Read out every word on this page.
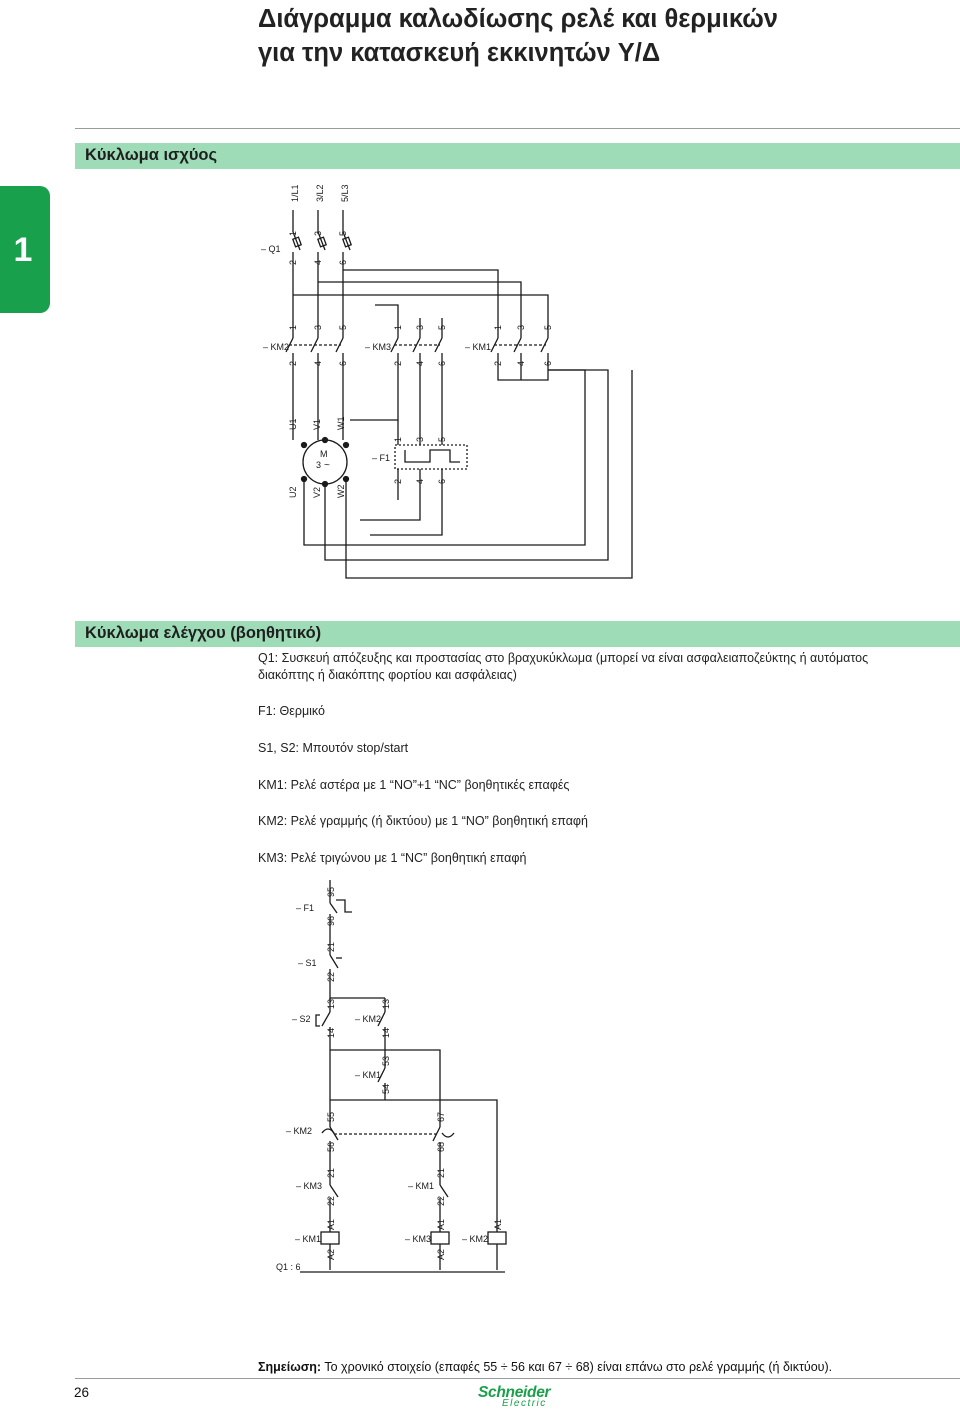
Διάγραμμα καλωδίωσης ρελέ και θερμικών
για την κατασκευή εκκινητών Y/Δ
Κύκλωμα ισχύος
1
1/L1 3/L2 5/L3
– Q1
– KM2	– KM3	– KM1
– F1
M
3 ~
U1 V1 W1
U2 V2 W2
1 3 5
2 4 6
1 3 5
2 4 6
1 3 5
2 4 6
1 3 5
2 4 6
1 3 5
2 4 6
Κύκλωμα ελέγχου (βοηθητικό)
Q1: Συσκευή απόζευξης και προστασίας στο βραχυκύκλωμα (μπορεί να είναι ασφαλειαποζεύκτης ή αυτόματος
διακόπτης ή διακόπτης φορτίου και ασφάλειας)
F1: Θερμικό
S1, S2: Μπουτόν stop/start
KM1: Ρελέ αστέρα με 1 “NO”+1 “NC” βοηθητικές επαφές
KM2: Ρελέ γραμμής (ή δικτύου) με 1 “NO” βοηθητική επαφή
KM3: Ρελέ τριγώνου με 1 “NC” βοηθητική επαφή
– F1
95
96
– S1
21
22
– S2
13
14
– KM2
13
14
– KM1
53
54
– KM2
55
56
67
68
– KM3
21
22
– KM1
21
22
– KM1
A1
A2
– KM3
A1
A2
– KM2
A1
Q1 : 6
Σημείωση: Το χρονικό στοιχείο (επαφές 55 ÷ 56 και 67 ÷ 68) είναι επάνω στο ρελέ γραμμής (ή δικτύου).
26	Schneider
Electric
